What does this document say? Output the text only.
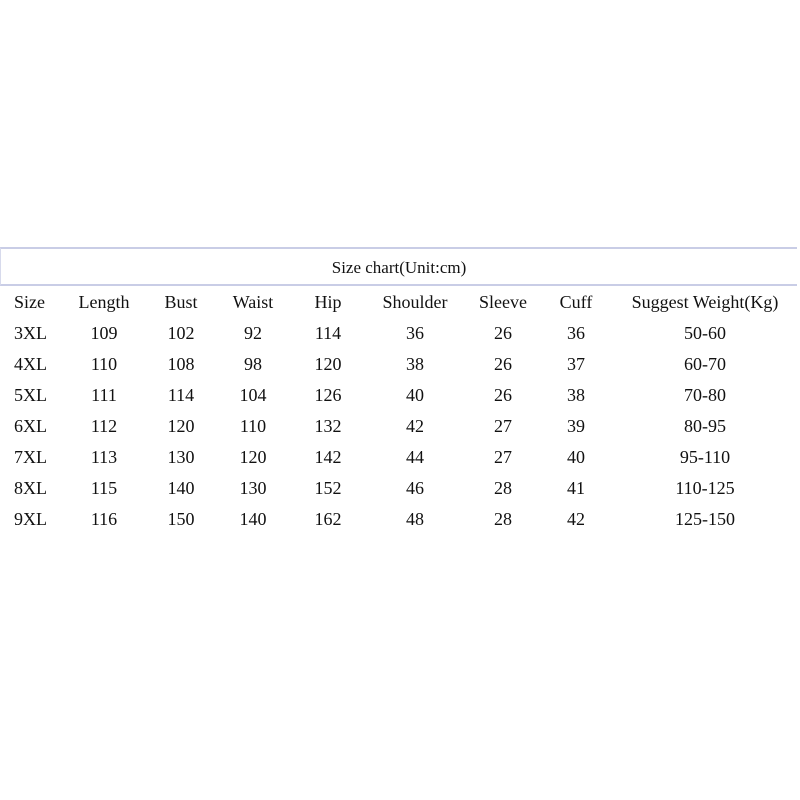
Size chart(Unit:cm)
Size	Length	Bust	Waist	Hip	Shoulder	Sleeve	Cuff	Suggest Weight(Kg)
3XL	109	102	92	114	36	26	36	50-60
4XL	110	108	98	120	38	26	37	60-70
5XL	111	114	104	126	40	26	38	70-80
6XL	112	120	110	132	42	27	39	80-95
7XL	113	130	120	142	44	27	40	95-110
8XL	115	140	130	152	46	28	41	110-125
9XL	116	150	140	162	48	28	42	125-150
